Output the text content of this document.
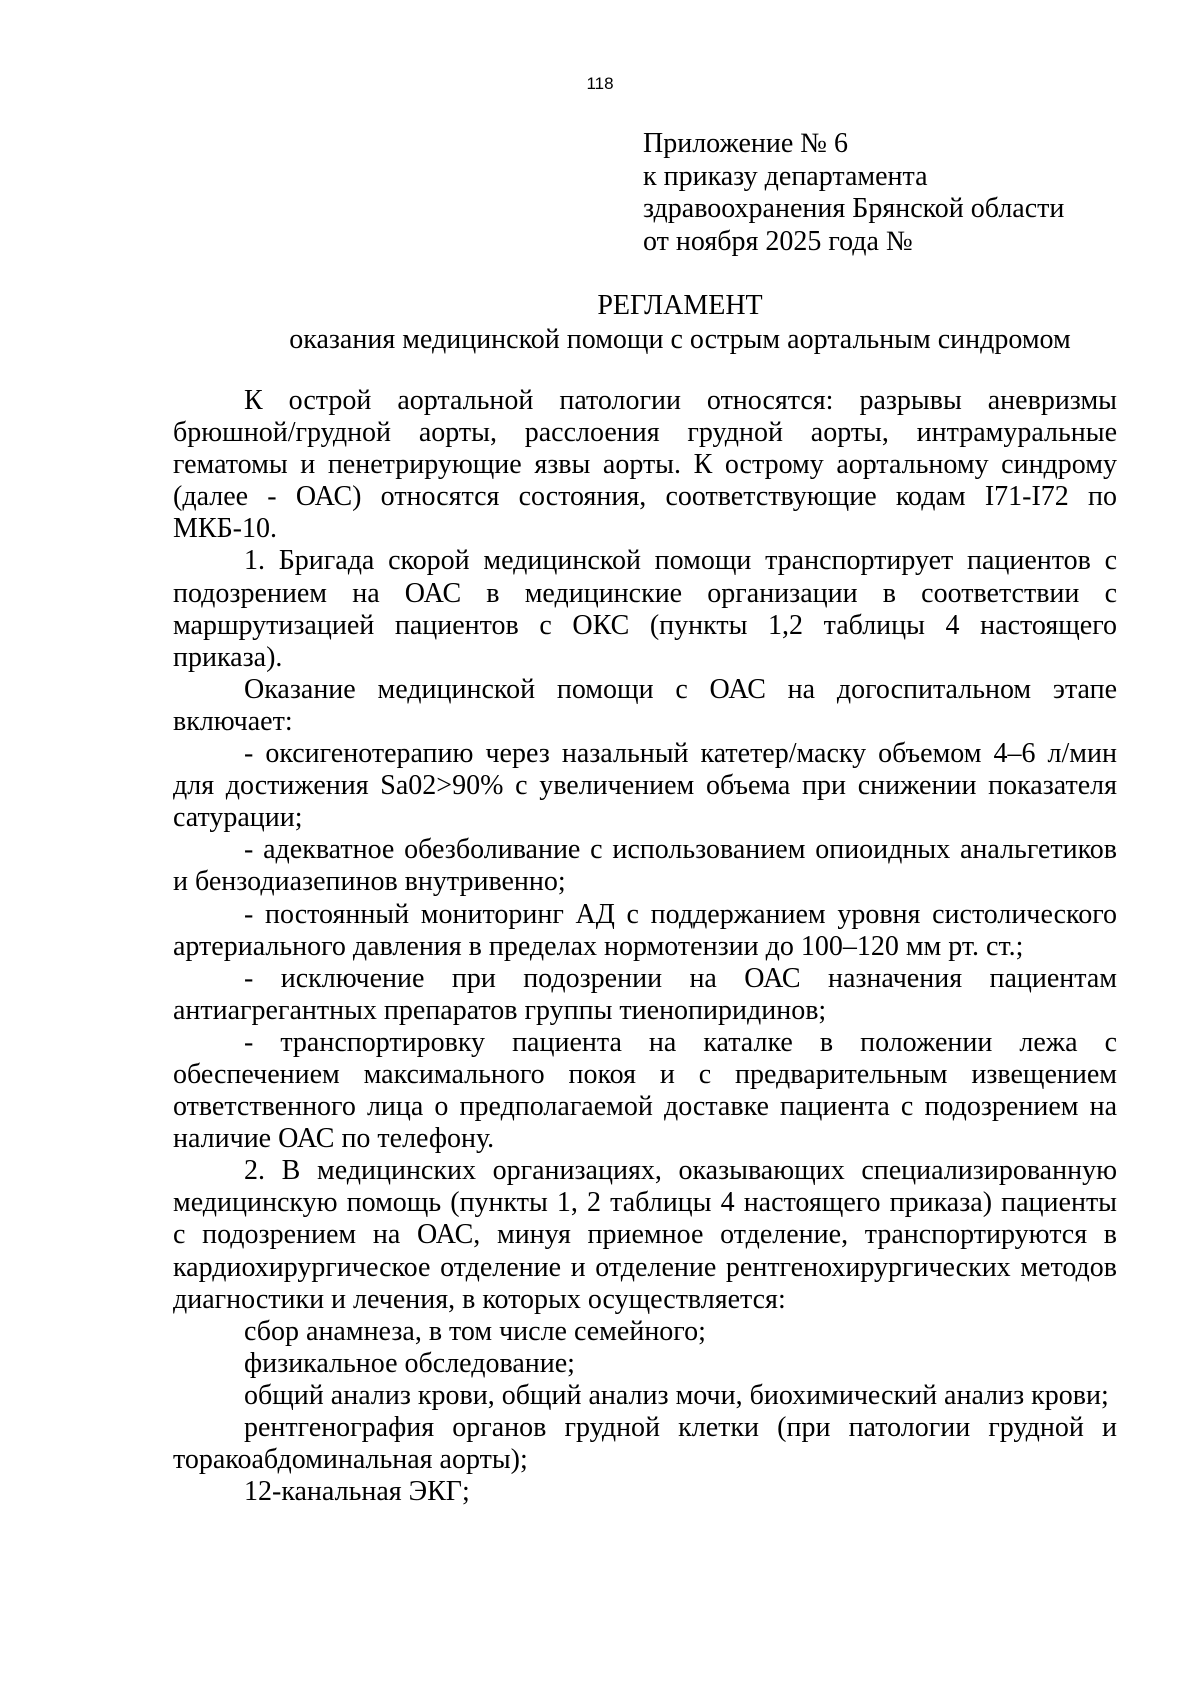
118
Приложение № 6
к приказу департамента
здравоохранения Брянской области
от ноября 2025 года №
РЕГЛАМЕНТ
оказания медицинской помощи с острым аортальным синдромом

К острой аортальной патологии относятся: разрывы аневризмы брюшной/грудной аорты, расслоения грудной аорты, интрамуральные гематомы и пенетрирующие язвы аорты. К острому аортальному синдрому (далее - ОАС) относятся состояния, соответствующие кодам I71-I72 по МКБ-10.

1. Бригада скорой медицинской помощи транспортирует пациентов с подозрением на ОАС в медицинские организации в соответствии с маршрутизацией пациентов с ОКС (пункты 1,2 таблицы 4 настоящего приказа).

Оказание медицинской помощи с ОАС на догоспитальном этапе включает:

- оксигенотерапию через назальный катетер/маску объемом 4–6 л/мин для достижения Sa02>90% с увеличением объема при снижении показателя сатурации;

- адекватное обезболивание с использованием опиоидных анальгетиков и бензодиазепинов внутривенно;

- постоянный мониторинг АД с поддержанием уровня систолического артериального давления в пределах нормотензии до 100–120 мм рт. ст.;

- исключение при подозрении на ОАС назначения пациентам антиагрегантных препаратов группы тиенопиридинов;

- транспортировку пациента на каталке в положении лежа с обеспечением максимального покоя и с предварительным извещением ответственного лица о предполагаемой доставке пациента с подозрением на наличие ОАС по телефону.

2. В медицинских организациях, оказывающих специализированную медицинскую помощь (пункты 1, 2 таблицы 4 настоящего приказа) пациенты с подозрением на ОАС, минуя приемное отделение, транспортируются в кардиохирургическое отделение и отделение рентгенохирургических методов диагностики и лечения, в которых осуществляется:

сбор анамнеза, в том числе семейного;

физикальное обследование;

общий анализ крови, общий анализ мочи, биохимический анализ крови;

рентгенография органов грудной клетки (при патологии грудной и торакоабдоминальная аорты);

12-канальная ЭКГ;
